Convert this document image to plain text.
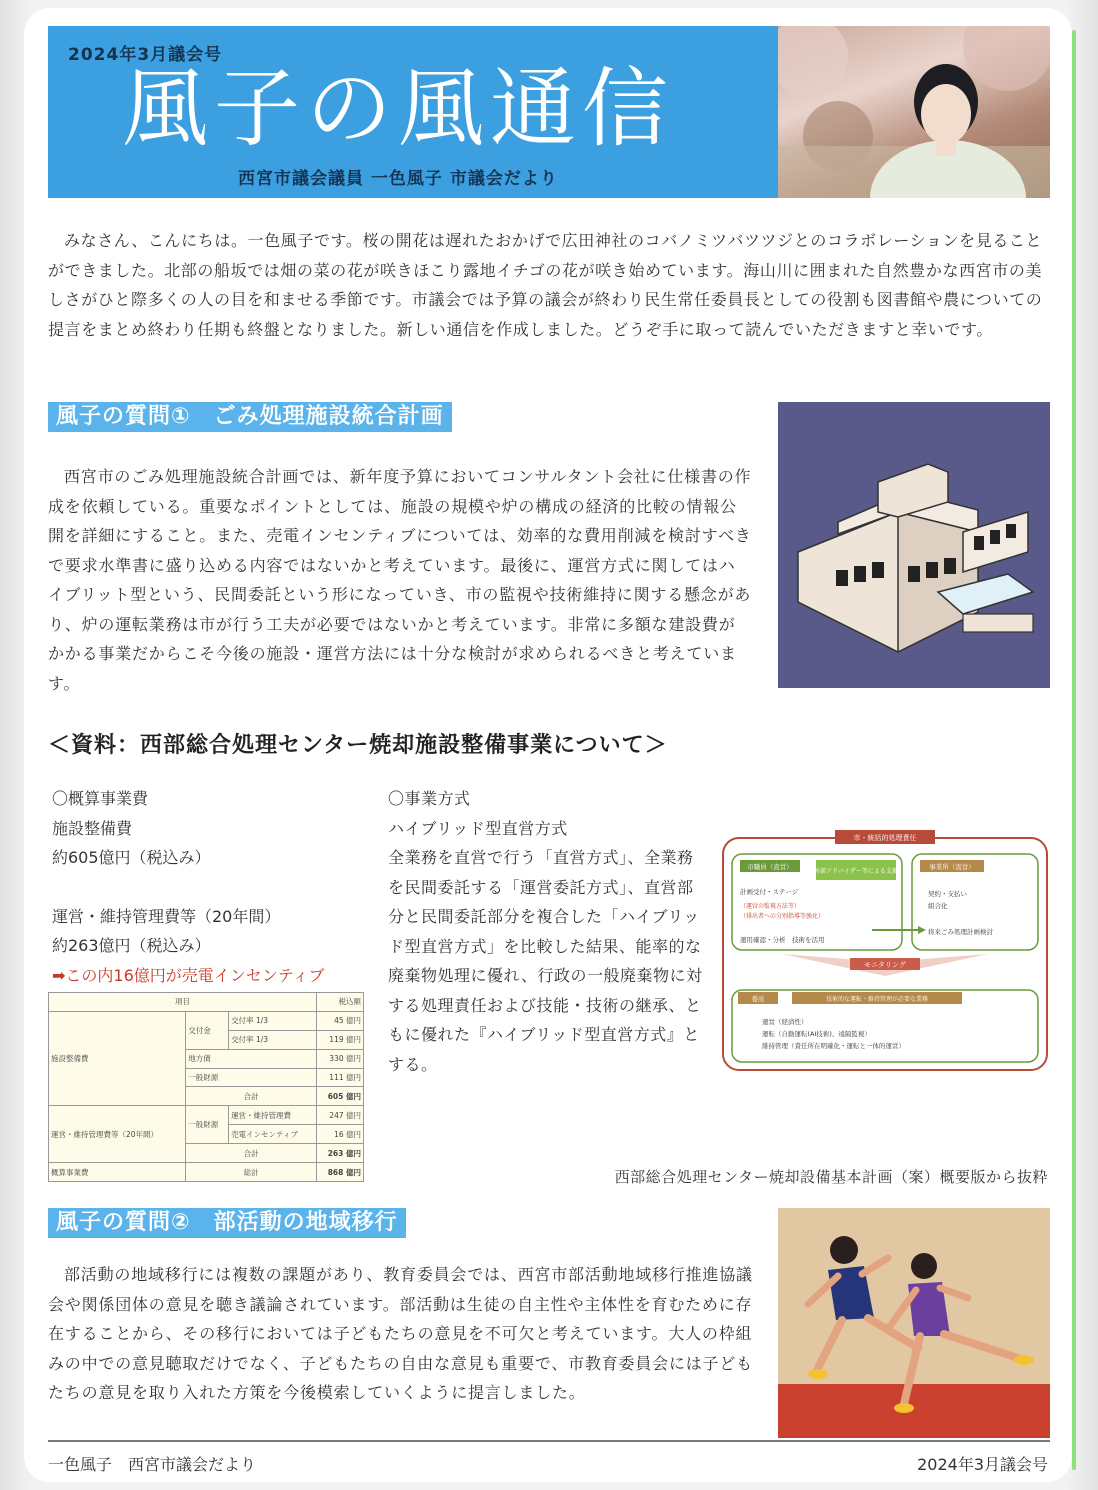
2024年3月議会号
風子の風通信
西宮市議会議員 一色風子 市議会だより
みなさん、こんにちは。一色風子です。桜の開花は遅れたおかげで広田神社のコバノミツバツツジとのコラボレーションを見ることができました。北部の船坂では畑の菜の花が咲きほこり露地イチゴの花が咲き始めています。海山川に囲まれた自然豊かな西宮市の美しさがひと際多くの人の目を和ませる季節です。市議会では予算の議会が終わり民生常任委員長としての役割も図書館や農についての提言をまとめ終わり任期も終盤となりました。新しい通信を作成しました。どうぞ手に取って読んでいただきますと幸いです。
風子の質問①　ごみ処理施設統合計画
西宮市のごみ処理施設統合計画では、新年度予算においてコンサルタント会社に仕様書の作成を依頼している。重要なポイントとしては、施設の規模や炉の構成の経済的比較の情報公開を詳細にすること。また、売電インセンティブについては、効率的な費用削減を検討すべきで要求水準書に盛り込める内容ではないかと考えています。最後に、運営方式に関してはハイブリット型という、民間委託という形になっていき、市の監視や技術維持に関する懸念があり、炉の運転業務は市が行う工夫が必要ではないかと考えています。非常に多額な建設費がかかる事業だからこそ今後の施設・運営方法には十分な検討が求められるべきと考えています。
＜資料：西部総合処理センター焼却施設整備事業について＞
〇概算事業費
施設整備費
約605億円（税込み）
運営・維持管理費等（20年間）
約263億円（税込み）
➡この内16億円が売電インセンティブ
項目			税込額
施設整備費	交付金	交付率 1/3	45 億円
		交付率 1/3	119 億円
	地方債		330 億円
	一般財源		111 億円
	合計		605 億円
運営・維持管理費等（20年間）	一般財源	運営・維持管理費	247 億円
		売電インセンティブ	16 億円
	合計		263 億円
概算事業費	総計		868 億円
〇事業方式
ハイブリッド型直営方式
全業務を直営で行う「直営方式」、全業務を民間委託する「運営委託方式」、直営部分と民間委託部分を複合した「ハイブリッド型直営方式」を比較した結果、能率的な廃棄物処理に優れ、行政の一般廃棄物に対する処理責任および技能・技術の継承、ともに優れた『ハイブリッド型直営方式』とする。
市・統括的処理責任
市職員（直営）
外部アドバイザー等による支援
計画受付・ステージ
（運営の監視方法等）
（排出者への分別指導等強化）
運用確認・分析　技術を活用
事業所（直営）
契約・支払い
組合化
将来ごみ処理計画検討
モニタリング
委託	技術的な運転・維持管理が必要な業務
運営（経済性）
運転（自動運転(AI技術)、遠隔監視）
維持管理（責任所在明確化・運転と一体的運営）
西部総合処理センター焼却設備基本計画（案）概要版から抜粋
風子の質問②　部活動の地域移行
部活動の地域移行には複数の課題があり、教育委員会では、西宮市部活動地域移行推進協議会や関係団体の意見を聴き議論されています。部活動は生徒の自主性や主体性を育むために存在することから、その移行においては子どもたちの意見を不可欠と考えています。大人の枠組みの中での意見聴取だけでなく、子どもたちの自由な意見も重要で、市教育委員会には子どもたちの意見を取り入れた方策を今後模索していくように提言しました。
一色風子　西宮市議会だより	2024年3月議会号
